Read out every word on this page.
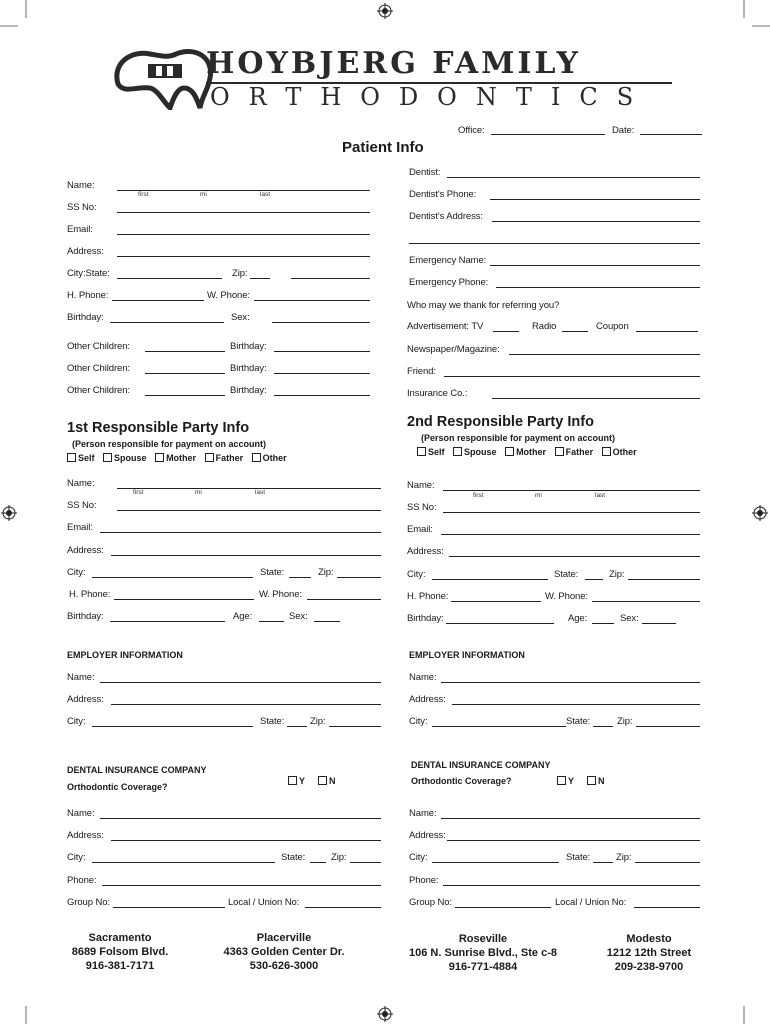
HOYBJERG FAMILY
ORTHODONTICS
Office:	Date:
Patient Info
Name:
first	mi	last
SS No:
Email:
Address:
City:State:	Zip:
H. Phone:	W. Phone:
Birthday:	Sex:
Other Children:	Birthday:
Other Children:	Birthday:
Other Children:	Birthday:
Dentist:
Dentist's Phone:
Dentist's Address:
Emergency Name:
Emergency Phone:
Who may we thank for referring you?
Advertisement: TV	Radio	Coupon
Newspaper/Magazine:
Friend:
Insurance Co.:
1st Responsible Party Info
(Person responsible for payment on account)
Self Spouse Mother Father Other
Name:
first	mi	last
SS No:
Email:
Address:
City:	State:	Zip:
H. Phone:	W. Phone:
Birthday:	Age:	Sex:
EMPLOYER INFORMATION
Name:
Address:
City:	State:	Zip:
DENTAL INSURANCE COMPANY
Orthodontic Coverage?
Y	N
Name:
Address:
City:	State:	Zip:
Phone:
Group No:	Local / Union No:
2nd Responsible Party Info
(Person responsible for payment on account)
Self Spouse Mother Father Other
Name:
first	mi	last
SS No:
Email:
Address:
City:	State:	Zip:
H. Phone:	W. Phone:
Birthday:	Age:	Sex:
EMPLOYER INFORMATION
Name:
Address:
City:	State:	Zip:
DENTAL INSURANCE COMPANY
Orthodontic Coverage?	Y	N
Name:
Address:
City:	State:	Zip:
Phone:
Group No:	Local / Union No:
Sacramento
8689 Folsom Blvd.
916-381-7171
Placerville
4363 Golden Center Dr.
530-626-3000
Roseville
106 N. Sunrise Blvd., Ste c-8
916-771-4884
Modesto
1212 12th Street
209-238-9700
